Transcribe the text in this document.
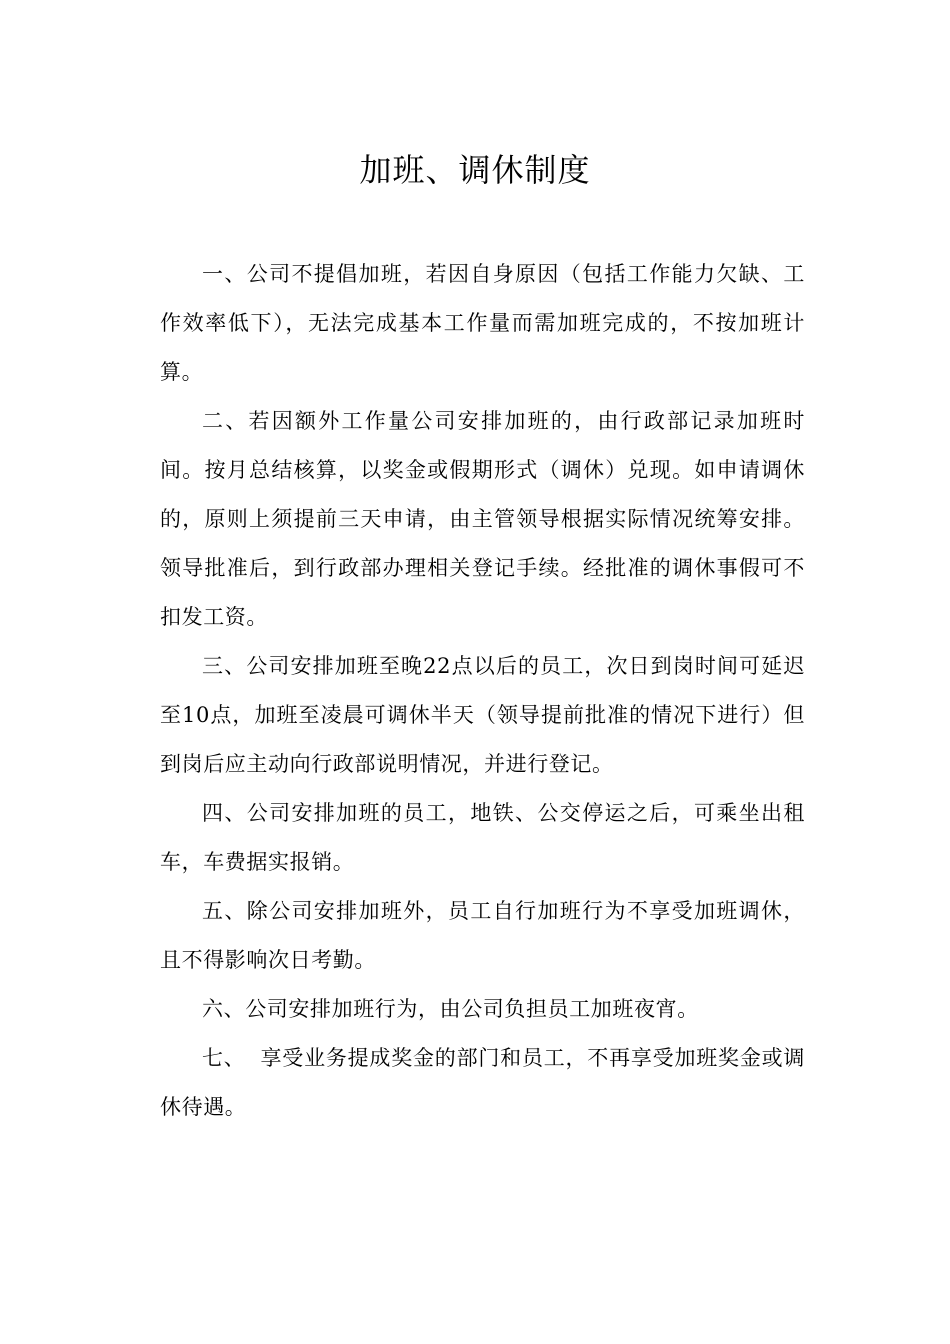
加班、调休制度

一、公司不提倡加班，若因自身原因（包括工作能力欠缺、工作效率低下），无法完成基本工作量而需加班完成的，不按加班计算。

二、若因额外工作量公司安排加班的，由行政部记录加班时间。按月总结核算，以奖金或假期形式（调休）兑现。如申请调休的，原则上须提前三天申请，由主管领导根据实际情况统筹安排。领导批准后，到行政部办理相关登记手续。经批准的调休事假可不扣发工资。

三、公司安排加班至晚22点以后的员工，次日到岗时间可延迟至10点，加班至凌晨可调休半天（领导提前批准的情况下进行）但到岗后应主动向行政部说明情况，并进行登记。

四、公司安排加班的员工，地铁、公交停运之后，可乘坐出租车，车费据实报销。

五、除公司安排加班外，员工自行加班行为不享受加班调休，且不得影响次日考勤。

六、公司安排加班行为，由公司负担员工加班夜宵。

七、  享受业务提成奖金的部门和员工，不再享受加班奖金或调休待遇。
